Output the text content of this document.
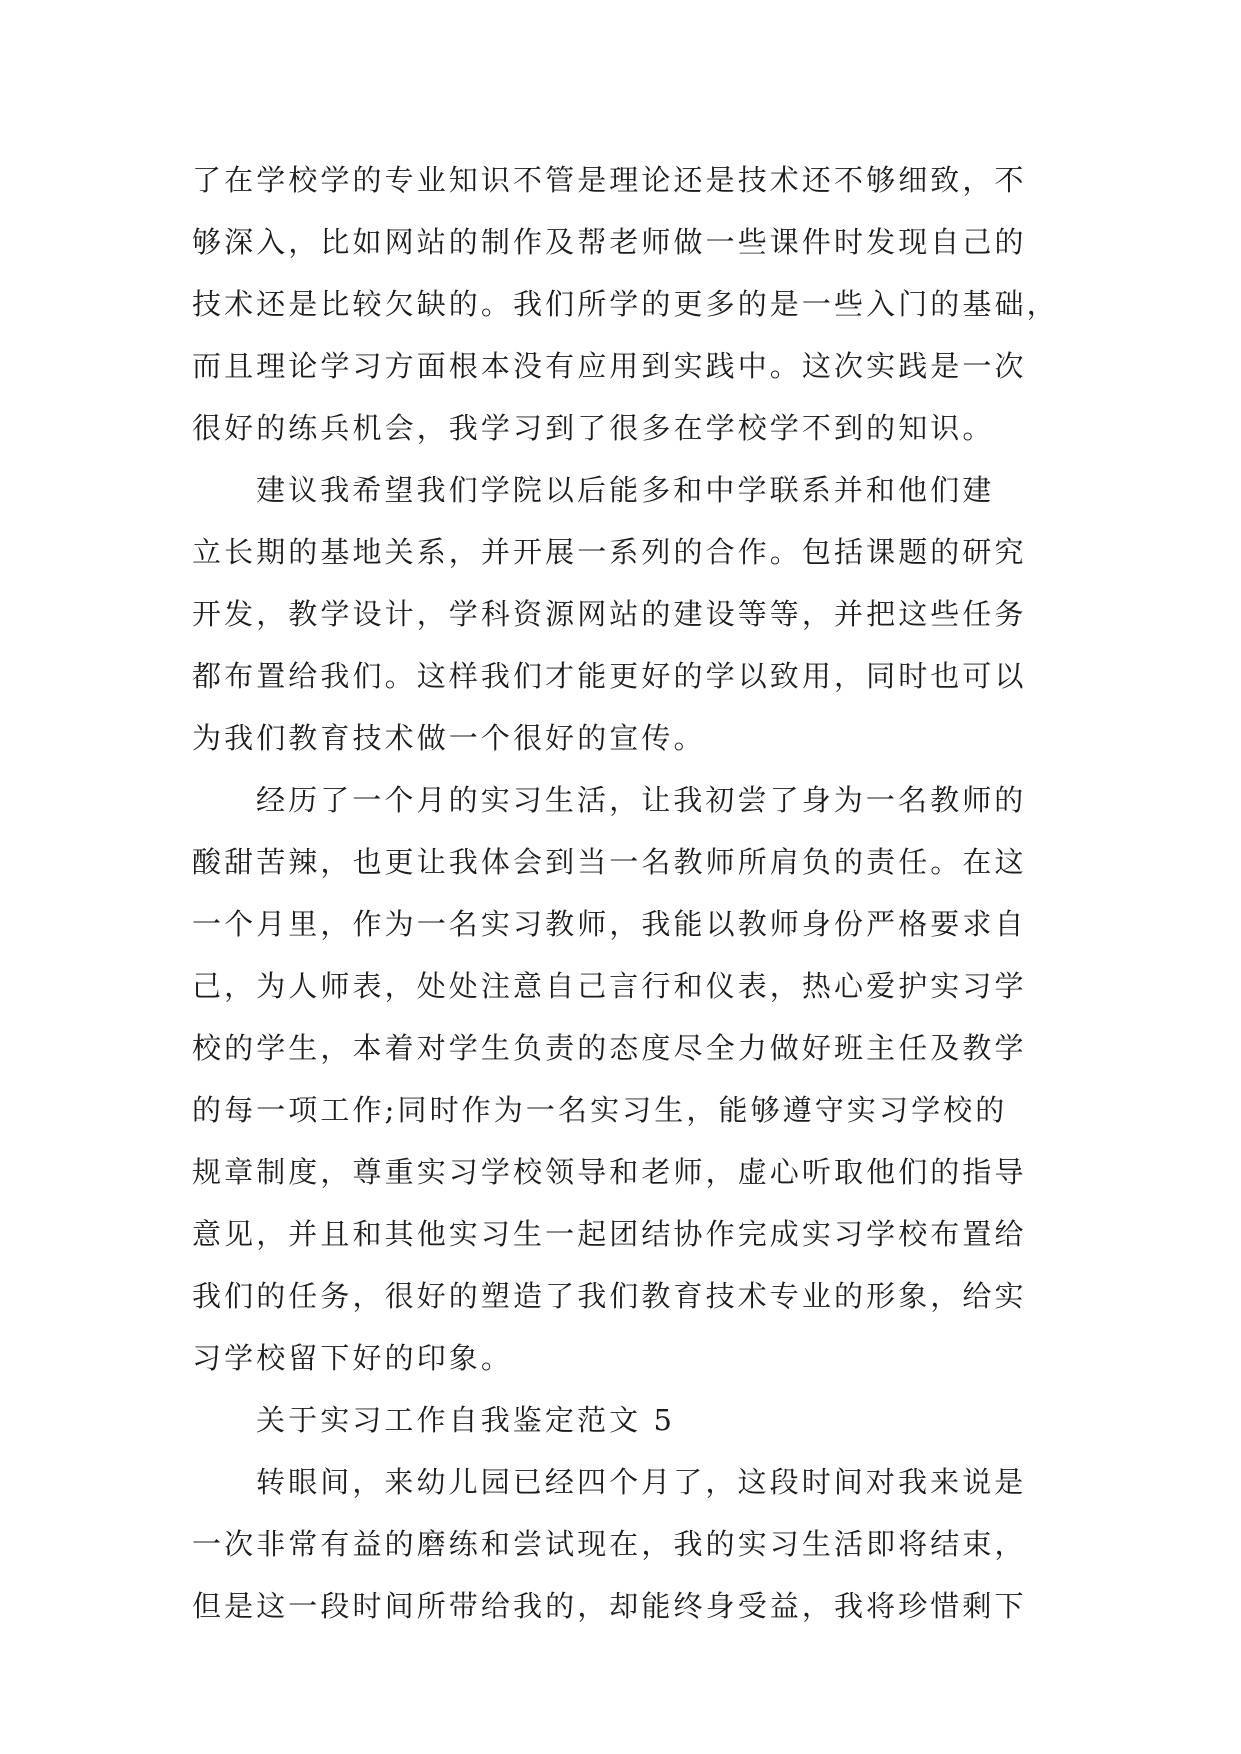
了在学校学的专业知识不管是理论还是技术还不够细致，不
够深入，比如网站的制作及帮老师做一些课件时发现自己的
技术还是比较欠缺的。我们所学的更多的是一些入门的基础，
而且理论学习方面根本没有应用到实践中。这次实践是一次
很好的练兵机会，我学习到了很多在学校学不到的知识。
建议我希望我们学院以后能多和中学联系并和他们建
立长期的基地关系，并开展一系列的合作。包括课题的研究
开发，教学设计，学科资源网站的建设等等，并把这些任务
都布置给我们。这样我们才能更好的学以致用，同时也可以
为我们教育技术做一个很好的宣传。
经历了一个月的实习生活，让我初尝了身为一名教师的
酸甜苦辣，也更让我体会到当一名教师所肩负的责任。在这
一个月里，作为一名实习教师，我能以教师身份严格要求自
己，为人师表，处处注意自己言行和仪表，热心爱护实习学
校的学生，本着对学生负责的态度尽全力做好班主任及教学
的每一项工作;同时作为一名实习生，能够遵守实习学校的
规章制度，尊重实习学校领导和老师，虚心听取他们的指导
意见，并且和其他实习生一起团结协作完成实习学校布置给
我们的任务，很好的塑造了我们教育技术专业的形象，给实
习学校留下好的印象。
关于实习工作自我鉴定范文 5
转眼间，来幼儿园已经四个月了，这段时间对我来说是
一次非常有益的磨练和尝试现在，我的实习生活即将结束，
但是这一段时间所带给我的，却能终身受益，我将珍惜剩下
